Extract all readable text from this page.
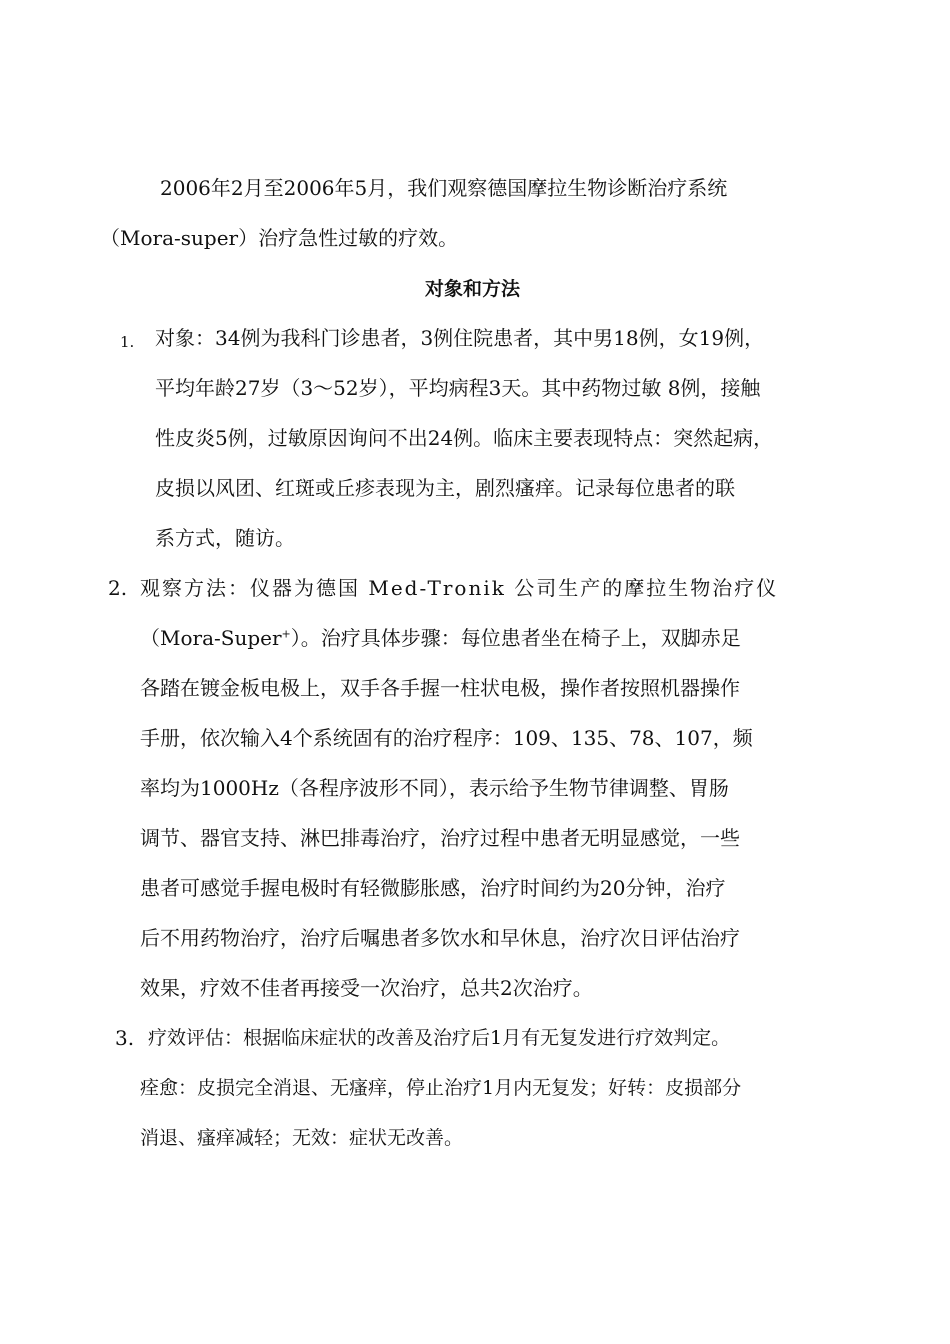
2006年2月至2006年5月，我们观察德国摩拉生物诊断治疗系统
（Mora-super）治疗急性过敏的疗效。
对象和方法
1. 对象：34例为我科门诊患者，3例住院患者，其中男18例，女19例，
平均年龄27岁（3～52岁），平均病程3天。其中药物过敏 8例，接触
性皮炎5例，过敏原因询问不出24例。临床主要表现特点：突然起病，
皮损以风团、红斑或丘疹表现为主，剧烈瘙痒。记录每位患者的联
系方式，随访。
2. 观察方法：仪器为德国 Med-Tronik 公司生产的摩拉生物治疗仪
（Mora-Super+）。治疗具体步骤：每位患者坐在椅子上，双脚赤足
各踏在镀金板电极上，双手各手握一柱状电极，操作者按照机器操作
手册，依次输入4个系统固有的治疗程序：109、135、78、107，频
率均为1000Hz（各程序波形不同），表示给予生物节律调整、胃肠
调节、器官支持、淋巴排毒治疗，治疗过程中患者无明显感觉，一些
患者可感觉手握电极时有轻微膨胀感，治疗时间约为20分钟，治疗
后不用药物治疗，治疗后嘱患者多饮水和早休息，治疗次日评估治疗
效果，疗效不佳者再接受一次治疗，总共2次治疗。
3. 疗效评估：根据临床症状的改善及治疗后1月有无复发进行疗效判定。
痊愈：皮损完全消退、无瘙痒，停止治疗1月内无复发；好转：皮损部分
消退、瘙痒减轻；无效：症状无改善。
